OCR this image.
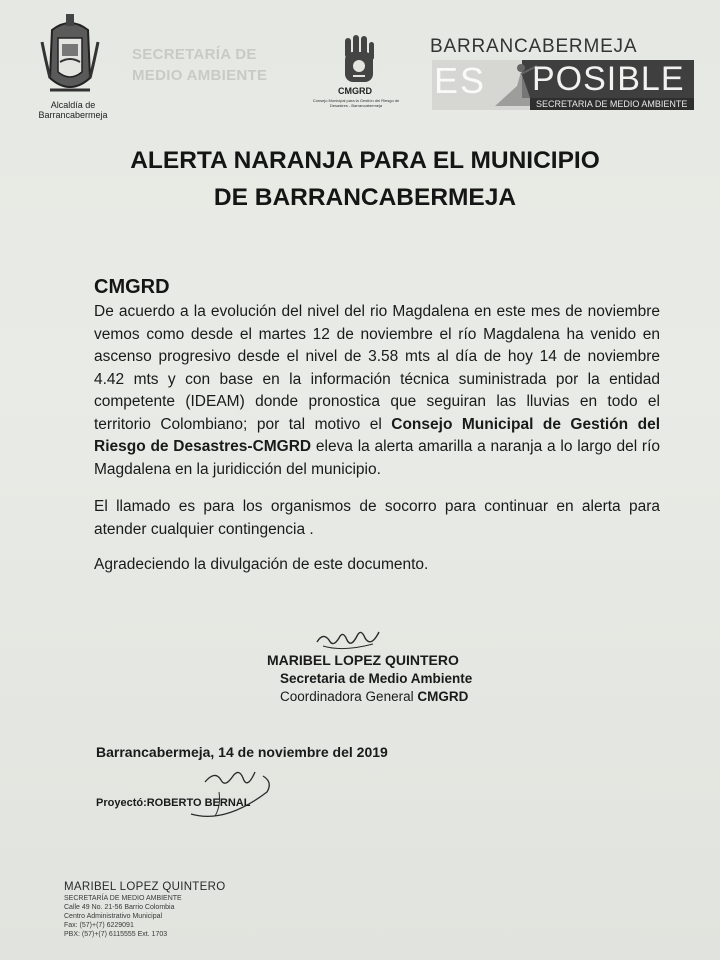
Alcaldía de
Barrancabermeja
SECRETARÍA DE
MEDIO AMBIENTE
CMGRD
Consejo Municipal para la Gestión del Riesgo de Desastres - Barrancabermeja
BARRANCABERMEJA
ES POSIBLE
SECRETARIA DE MEDIO AMBIENTE
ALERTA NARANJA PARA EL MUNICIPIO
DE BARRANCABERMEJA
CMGRD

De acuerdo a la evolución del nivel del rio Magdalena en este mes de noviembre vemos como desde el martes 12 de noviembre el río Magdalena ha venido en ascenso progresivo desde el nivel de 3.58 mts al día de hoy 14 de noviembre 4.42 mts y con base en la información técnica suministrada por la entidad competente (IDEAM) donde pronostica que seguiran las lluvias en todo el territorio Colombiano; por tal motivo el Consejo Municipal de Gestión del Riesgo de Desastres-CMGRD eleva la alerta amarilla a naranja a lo largo del río Magdalena en la juridicción del municipio.

El llamado es para los organismos de socorro para continuar en alerta para atender cualquier contingencia .

Agradeciendo la divulgación de este documento.

MARIBEL LOPEZ QUINTERO
Secretaria de Medio Ambiente
Coordinadora General CMGRD
Barrancabermeja, 14 de noviembre del 2019
Proyectó:ROBERTO BERNAL
MARIBEL LOPEZ QUINTERO
SECRETARÍA DE MEDIO AMBIENTE
Calle 49 No. 21-56 Barrio Colombia
Centro Administrativo Municipal
Fax: (57)+(7) 6229091
PBX: (57)+(7) 6115555 Ext. 1703
